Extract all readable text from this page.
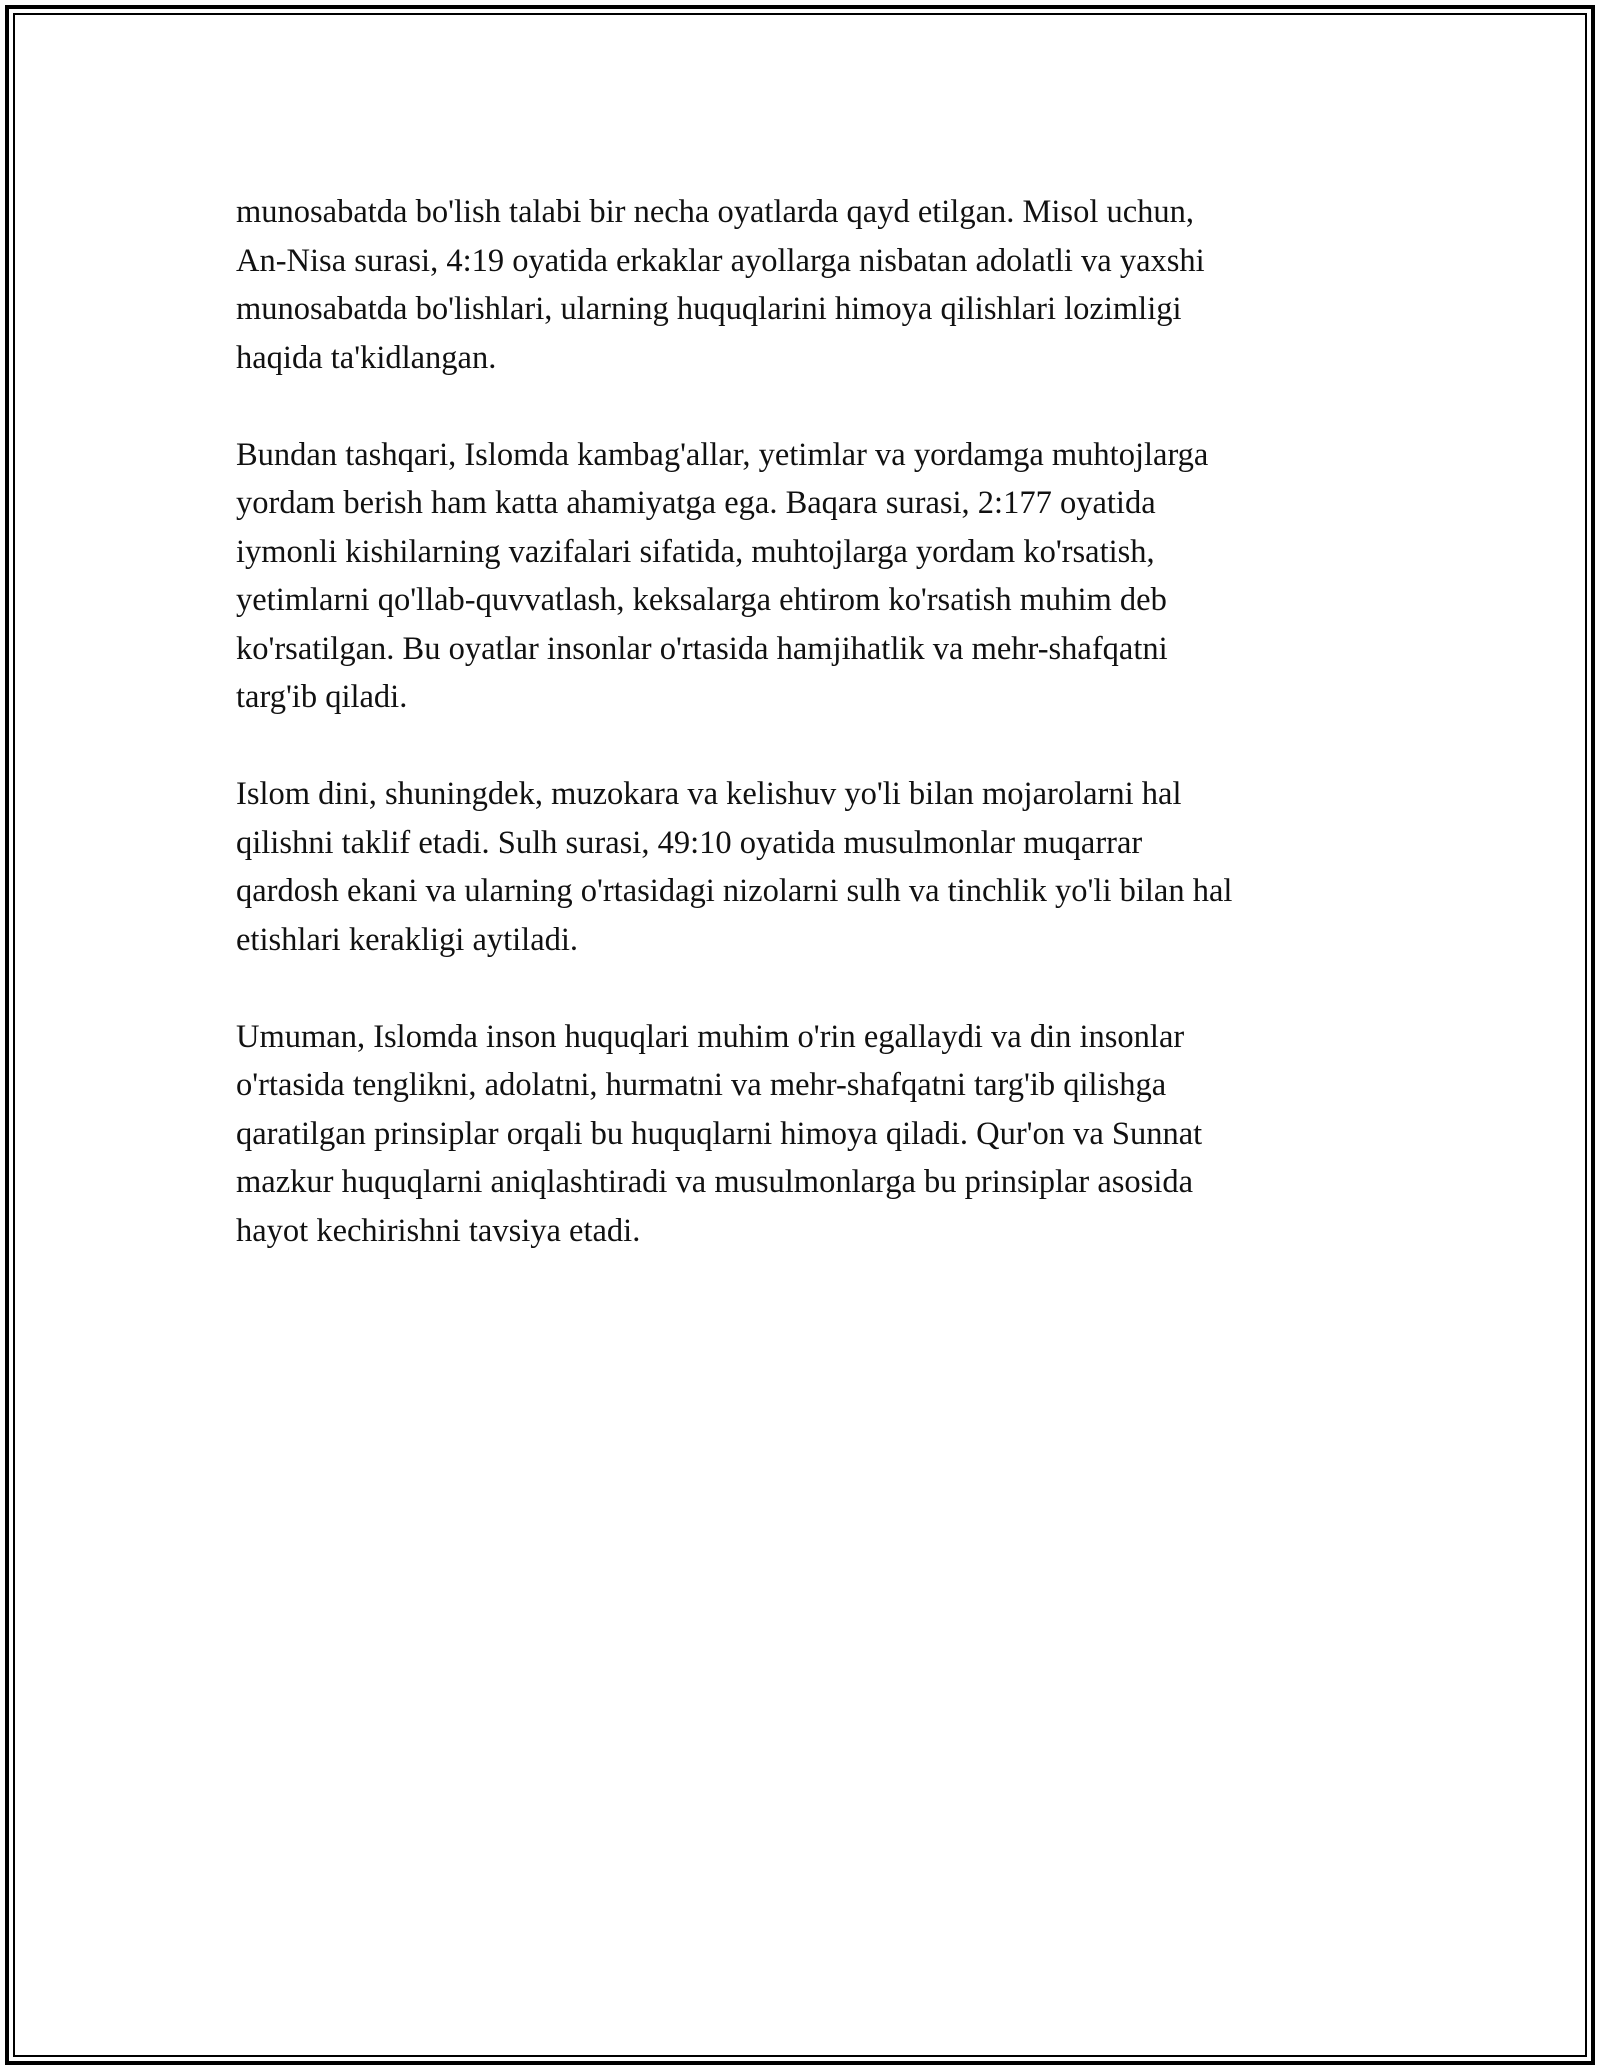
munosabatda bo'lish talabi bir necha oyatlarda qayd etilgan. Misol uchun,
An-Nisa surasi, 4:19 oyatida erkaklar ayollarga nisbatan adolatli va yaxshi
munosabatda bo'lishlari, ularning huquqlarini himoya qilishlari lozimligi
haqida ta'kidlangan.

Bundan tashqari, Islomda kambag'allar, yetimlar va yordamga muhtojlarga
yordam berish ham katta ahamiyatga ega. Baqara surasi, 2:177 oyatida
iymonli kishilarning vazifalari sifatida, muhtojlarga yordam ko'rsatish,
yetimlarni qo'llab-quvvatlash, keksalarga ehtirom ko'rsatish muhim deb
ko'rsatilgan. Bu oyatlar insonlar o'rtasida hamjihatlik va mehr-shafqatni
targ'ib qiladi.

Islom dini, shuningdek, muzokara va kelishuv yo'li bilan mojarolarni hal
qilishni taklif etadi. Sulh surasi, 49:10 oyatida musulmonlar muqarrar
qardosh ekani va ularning o'rtasidagi nizolarni sulh va tinchlik yo'li bilan hal
etishlari kerakligi aytiladi.

Umuman, Islomda inson huquqlari muhim o'rin egallaydi va din insonlar
o'rtasida tenglikni, adolatni, hurmatni va mehr-shafqatni targ'ib qilishga
qaratilgan prinsiplar orqali bu huquqlarni himoya qiladi. Qur'on va Sunnat
mazkur huquqlarni aniqlashtiradi va musulmonlarga bu prinsiplar asosida
hayot kechirishni tavsiya etadi.
